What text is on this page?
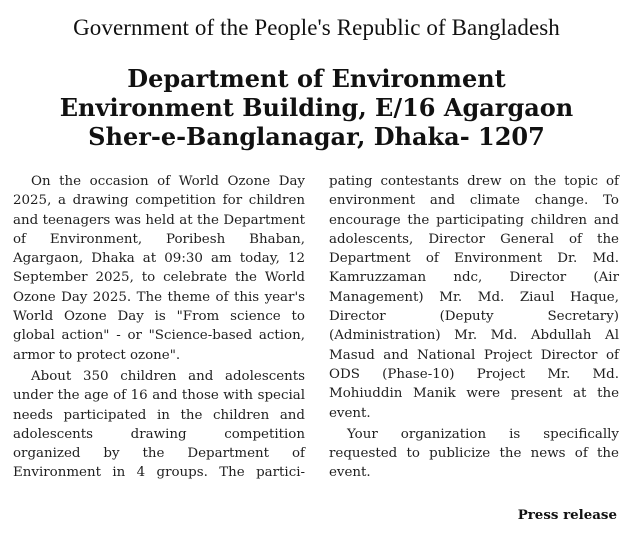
Government of the People's Republic of Bangladesh
Department of Environment
Environment Building, E/16 Agargaon
Sher-e-Banglanagar, Dhaka- 1207

On the occasion of World Ozone Day 2025, a drawing competition for children and teenagers was held at the Department of Environment, Poribesh Bhaban, Agargaon, Dhaka at 09:30 am today, 12 September 2025, to celebrate the World Ozone Day 2025. The theme of this year's World Ozone Day is "From science to global action" - or "Science-based action, armor to protect ozone".

About 350 children and adolescents under the age of 16 and those with special needs participated in the children and adolescents drawing competition organized by the Department of Environment in 4 groups. The partici-

pating contestants drew on the topic of environment and climate change. To encourage the participating children and adolescents, Director General of the Department of Environment Dr. Md. Kamruzzaman ndc, Director (Air Management) Mr. Md. Ziaul Haque, Director (Deputy Secretary) (Administration) Mr. Md. Abdullah Al Masud and National Project Director of ODS (Phase-10) Project Mr. Md. Mohiuddin Manik were present at the event.

Your organization is specifically requested to publicize the news of the event.

Press release
